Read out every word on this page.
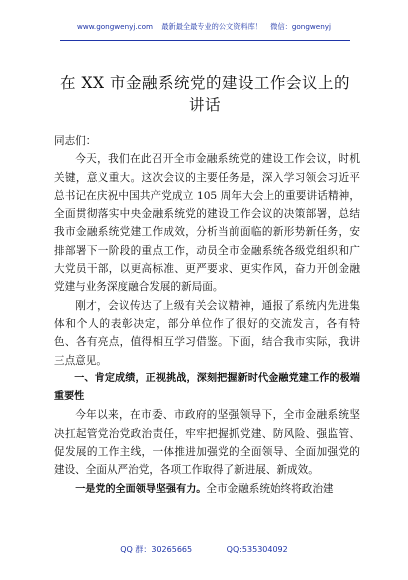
www.gongwenyj.com 最新最全最专业的公文资料库！ 微信：gongwenyj
在 XX 市金融系统党的建设工作会议上的讲话

同志们：

今天，我们在此召开全市金融系统党的建设工作会议，时机关键，意义重大。这次会议的主要任务是，深入学习领会习近平总书记在庆祝中国共产党成立 105 周年大会上的重要讲话精神，全面贯彻落实中央金融系统党的建设工作会议的决策部署，总结我市金融系统党建工作成效，分析当前面临的新形势新任务，安排部署下一阶段的重点工作，动员全市金融系统各级党组织和广大党员干部，以更高标准、更严要求、更实作风，奋力开创金融党建与业务深度融合发展的新局面。

刚才，会议传达了上级有关会议精神，通报了系统内先进集体和个人的表彰决定，部分单位作了很好的交流发言，各有特色、各有亮点，值得相互学习借鉴。下面，结合我市实际，我讲三点意见。

一、肯定成绩，正视挑战，深刻把握新时代金融党建工作的极端重要性

今年以来，在市委、市政府的坚强领导下，全市金融系统坚决扛起管党治党政治责任，牢牢把握抓党建、防风险、强监管、促发展的工作主线，一体推进加强党的全面领导、全面加强党的建设、全面从严治党，各项工作取得了新进展、新成效。

一是党的全面领导坚强有力。全市金融系统始终将政治建

QQ 群：30265665	QQ:535304092
